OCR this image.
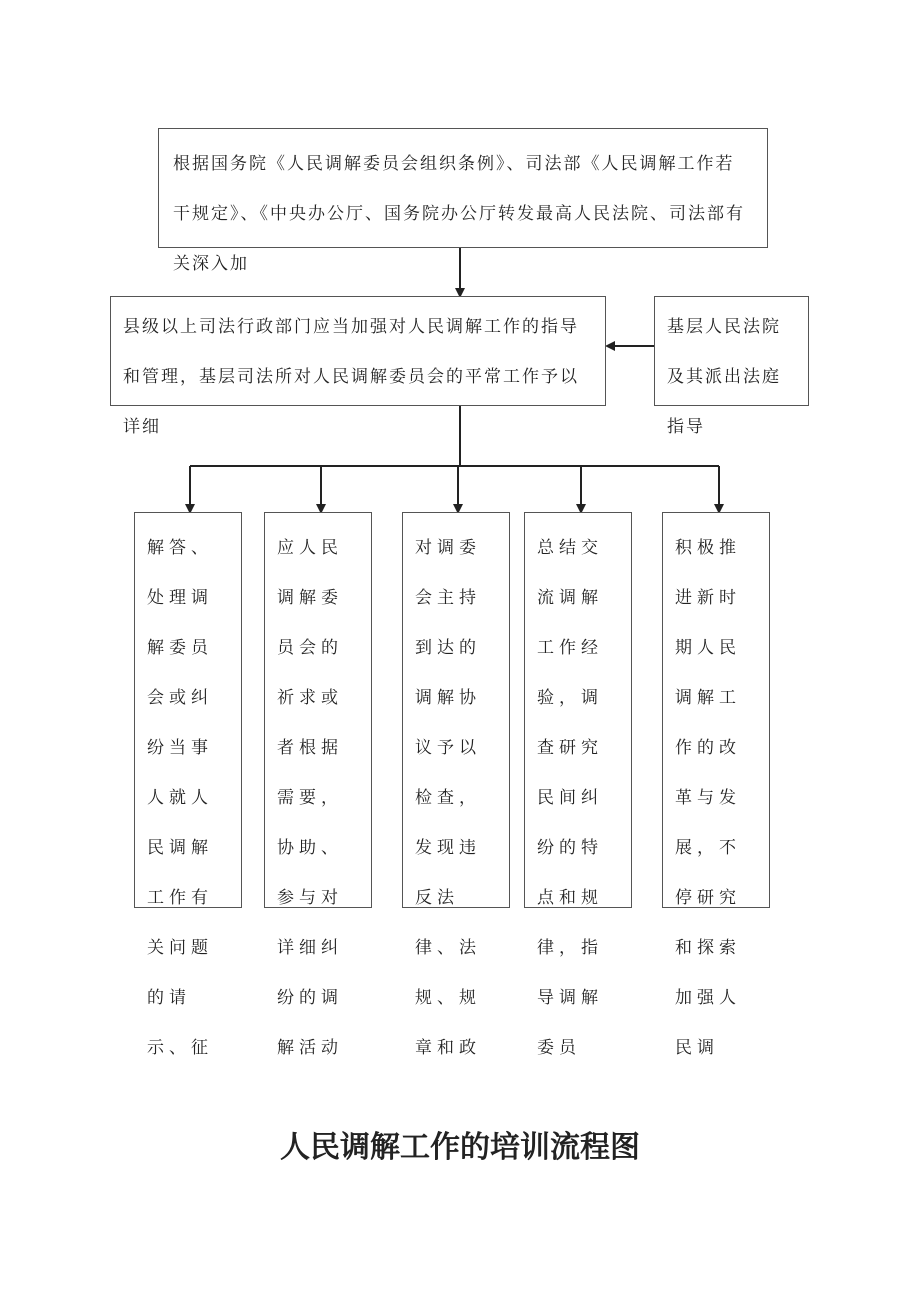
根据国务院《人民调解委员会组织条例》、司法部《人民调解工作若干规定》、《中央办公厅、国务院办公厅转发最高人民法院、司法部有关深入加
县级以上司法行政部门应当加强对人民调解工作的指导和管理，基层司法所对人民调解委员会的平常工作予以详细
基层人民法院及其派出法庭指导
解答、处理调解委员会或纠纷当事人就人民调解工作有关问题的请示、征
应人民调解委员会的祈求或者根据需要，协助、参与对详细纠纷的调解活动
对调委会主持到达的调解协议予以检查，发现违反法律、法规、规章和政
总结交流调解工作经验，调查研究民间纠纷的特点和规律，指导调解委员
积极推进新时期人民调解工作的改革与发展，不停研究和探索加强人民调
人民调解工作的培训流程图
